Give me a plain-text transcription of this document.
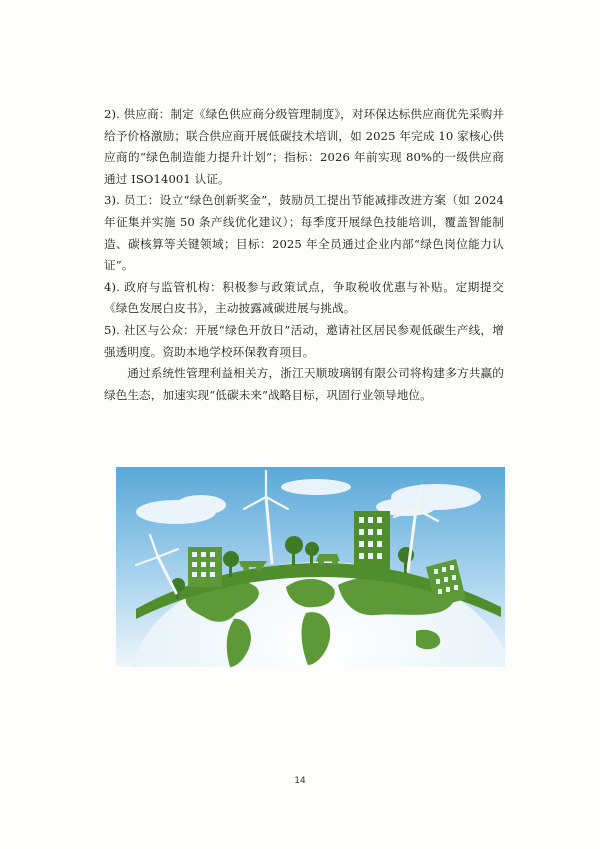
2). 供应商：制定《绿色供应商分级管理制度》，对环保达标供应商优先采购并给予价格激励；联合供应商开展低碳技术培训，如 2025 年完成 10 家核心供应商的“绿色制造能力提升计划”；指标：2026 年前实现 80%的一级供应商通过 ISO14001 认证。

3). 员工：设立“绿色创新奖金”，鼓励员工提出节能减排改进方案（如 2024 年征集并实施 50 条产线优化建议）；每季度开展绿色技能培训，覆盖智能制造、碳核算等关键领域；目标：2025 年全员通过企业内部“绿色岗位能力认证”。

4). 政府与监管机构：积极参与政策试点，争取税收优惠与补贴。定期提交《绿色发展白皮书》，主动披露减碳进展与挑战。

5). 社区与公众：开展“绿色开放日”活动，邀请社区居民参观低碳生产线，增强透明度。资助本地学校环保教育项目。

通过系统性管理利益相关方，浙江天顺玻璃钢有限公司将构建多方共赢的绿色生态，加速实现“低碳未来”战略目标，巩固行业领导地位。

14
